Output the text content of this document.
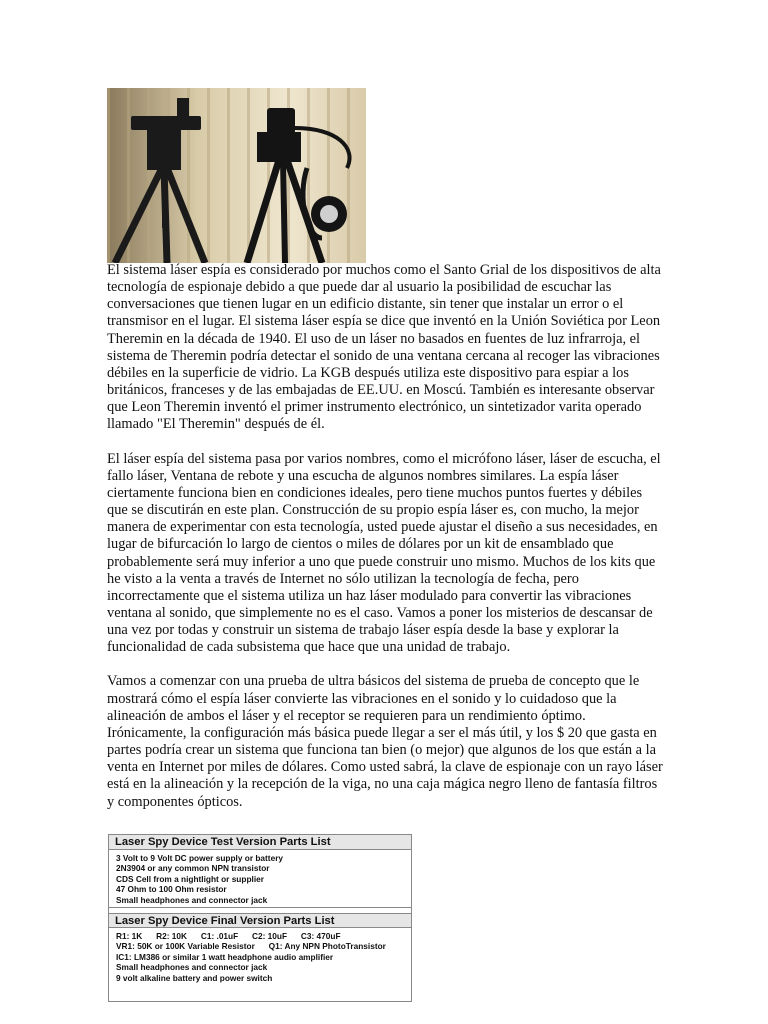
El sistema láser espía es considerado por muchos como el Santo Grial de los dispositivos de alta tecnología de espionaje debido a que puede dar al usuario la posibilidad de escuchar las conversaciones que tienen lugar en un edificio distante, sin tener que instalar un error o el transmisor en el lugar. El sistema láser espía se dice que inventó en la Unión Soviética por Leon Theremin en la década de 1940. El uso de un láser no basados en fuentes de luz infrarroja, el sistema de Theremin podría detectar el sonido de una ventana cercana al recoger las vibraciones débiles en la superficie de vidrio. La KGB después utiliza este dispositivo para espiar a los británicos, franceses y de las embajadas de EE.UU. en Moscú. También es interesante observar que Leon Theremin inventó el primer instrumento electrónico, un sintetizador varita operado llamado "El Theremin" después de él.

El láser espía del sistema pasa por varios nombres, como el micrófono láser, láser de escucha, el fallo láser, Ventana de rebote y una escucha de algunos nombres similares. La espía láser ciertamente funciona bien en condiciones ideales, pero tiene muchos puntos fuertes y débiles que se discutirán en este plan. Construcción de su propio espía láser es, con mucho, la mejor manera de experimentar con esta tecnología, usted puede ajustar el diseño a sus necesidades, en lugar de bifurcación lo largo de cientos o miles de dólares por un kit de ensamblado que probablemente será muy inferior a uno que puede construir uno mismo. Muchos de los kits que he visto a la venta a través de Internet no sólo utilizan la tecnología de fecha, pero incorrectamente que el sistema utiliza un haz láser modulado para convertir las vibraciones ventana al sonido, que simplemente no es el caso. Vamos a poner los misterios de descansar de una vez por todas y construir un sistema de trabajo láser espía desde la base y explorar la funcionalidad de cada subsistema que hace que una unidad de trabajo.

Vamos a comenzar con una prueba de ultra básicos del sistema de prueba de concepto que le mostrará cómo el espía láser convierte las vibraciones en el sonido y lo cuidadoso que la alineación de ambos el láser y el receptor se requieren para un rendimiento óptimo. Irónicamente, la configuración más básica puede llegar a ser el más útil, y los $ 20 que gasta en partes podría crear un sistema que funciona tan bien (o mejor) que algunos de los que están a la venta en Internet por miles de dólares. Como usted sabrá, la clave de espionaje con un rayo láser está en la alineación y la recepción de la viga, no una caja mágica negro lleno de fantasía filtros y componentes ópticos.

Laser Spy Device Test Version Parts List
3 Volt to 9 Volt DC power supply or battery
2N3904 or any common NPN transistor
CDS Cell from a nightlight or supplier
47 Ohm to 100 Ohm resistor
Small headphones and connector jack
Laser Spy Device Final Version Parts List
R1: 1K      R2: 10K      C1: .01uF      C2: 10uF      C3: 470uF
VR1: 50K or 100K Variable Resistor      Q1: Any NPN PhotoTransistor
IC1: LM386 or similar 1 watt headphone audio amplifier
Small headphones and connector jack
9 volt alkaline battery and power switch
